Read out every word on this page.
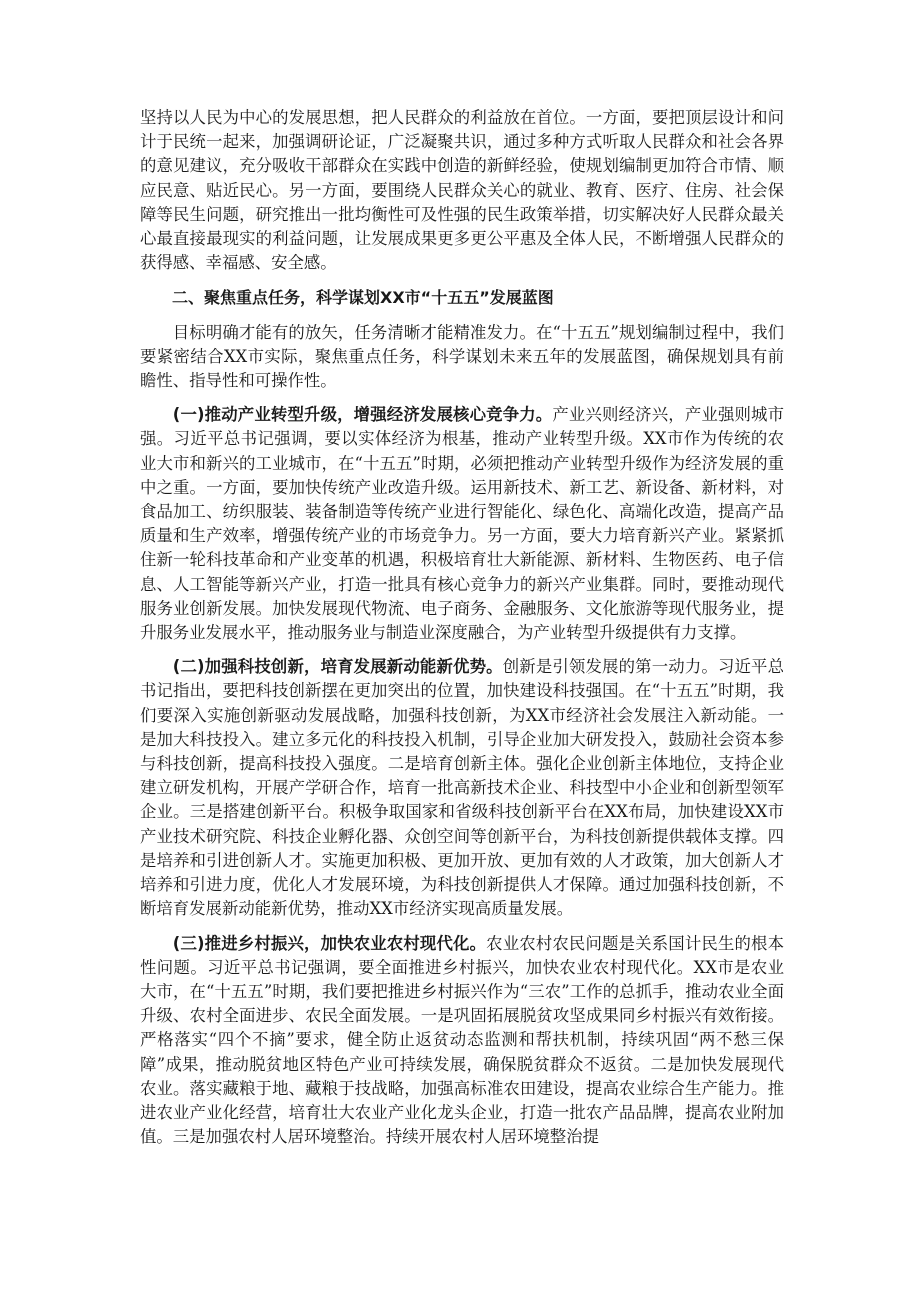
坚持以人民为中心的发展思想，把人民群众的利益放在首位。一方面，要把顶层设计和问计于民统一起来，加强调研论证，广泛凝聚共识，通过多种方式听取人民群众和社会各界的意见建议，充分吸收干部群众在实践中创造的新鲜经验，使规划编制更加符合市情、顺应民意、贴近民心。另一方面，要围绕人民群众关心的就业、教育、医疗、住房、社会保障等民生问题，研究推出一批均衡性可及性强的民生政策举措，切实解决好人民群众最关心最直接最现实的利益问题，让发展成果更多更公平惠及全体人民，不断增强人民群众的获得感、幸福感、安全感。

二、聚焦重点任务，科学谋划XX市“十五五”发展蓝图

目标明确才能有的放矢，任务清晰才能精准发力。在“十五五”规划编制过程中，我们要紧密结合XX市实际，聚焦重点任务，科学谋划未来五年的发展蓝图，确保规划具有前瞻性、指导性和可操作性。

(一)推动产业转型升级，增强经济发展核心竞争力。产业兴则经济兴，产业强则城市强。习近平总书记强调，要以实体经济为根基，推动产业转型升级。XX市作为传统的农业大市和新兴的工业城市，在“十五五”时期，必须把推动产业转型升级作为经济发展的重中之重。一方面，要加快传统产业改造升级。运用新技术、新工艺、新设备、新材料，对食品加工、纺织服装、装备制造等传统产业进行智能化、绿色化、高端化改造，提高产品质量和生产效率，增强传统产业的市场竞争力。另一方面，要大力培育新兴产业。紧紧抓住新一轮科技革命和产业变革的机遇，积极培育壮大新能源、新材料、生物医药、电子信息、人工智能等新兴产业，打造一批具有核心竞争力的新兴产业集群。同时，要推动现代服务业创新发展。加快发展现代物流、电子商务、金融服务、文化旅游等现代服务业，提升服务业发展水平，推动服务业与制造业深度融合，为产业转型升级提供有力支撑。

(二)加强科技创新，培育发展新动能新优势。创新是引领发展的第一动力。习近平总书记指出，要把科技创新摆在更加突出的位置，加快建设科技强国。在“十五五”时期，我们要深入实施创新驱动发展战略，加强科技创新，为XX市经济社会发展注入新动能。一是加大科技投入。建立多元化的科技投入机制，引导企业加大研发投入，鼓励社会资本参与科技创新，提高科技投入强度。二是培育创新主体。强化企业创新主体地位，支持企业建立研发机构，开展产学研合作，培育一批高新技术企业、科技型中小企业和创新型领军企业。三是搭建创新平台。积极争取国家和省级科技创新平台在XX布局，加快建设XX市产业技术研究院、科技企业孵化器、众创空间等创新平台，为科技创新提供载体支撑。四是培养和引进创新人才。实施更加积极、更加开放、更加有效的人才政策，加大创新人才培养和引进力度，优化人才发展环境，为科技创新提供人才保障。通过加强科技创新，不断培育发展新动能新优势，推动XX市经济实现高质量发展。

(三)推进乡村振兴，加快农业农村现代化。农业农村农民问题是关系国计民生的根本性问题。习近平总书记强调，要全面推进乡村振兴，加快农业农村现代化。XX市是农业大市，在“十五五”时期，我们要把推进乡村振兴作为“三农”工作的总抓手，推动农业全面升级、农村全面进步、农民全面发展。一是巩固拓展脱贫攻坚成果同乡村振兴有效衔接。严格落实“四个不摘”要求，健全防止返贫动态监测和帮扶机制，持续巩固“两不愁三保障”成果，推动脱贫地区特色产业可持续发展，确保脱贫群众不返贫。二是加快发展现代农业。落实藏粮于地、藏粮于技战略，加强高标准农田建设，提高农业综合生产能力。推进农业产业化经营，培育壮大农业产业化龙头企业，打造一批农产品品牌，提高农业附加值。三是加强农村人居环境整治。持续开展农村人居环境整治提
